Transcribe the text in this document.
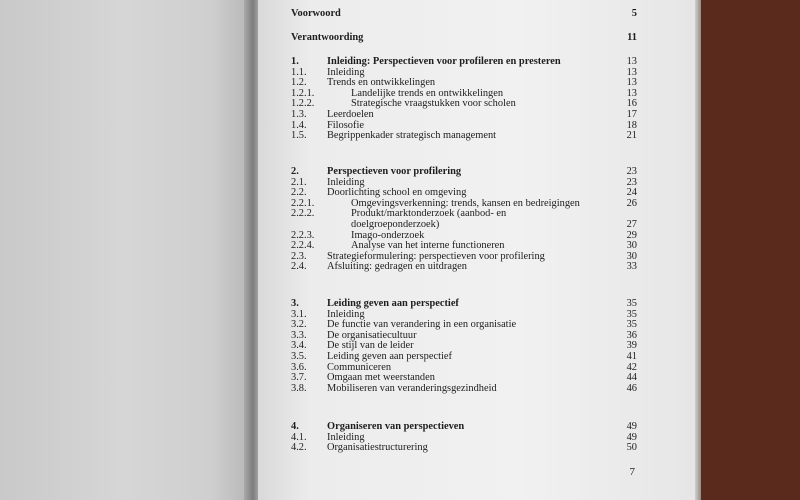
Voorwoord	5
Verantwoording	11
1.	Inleiding: Perspectieven voor profileren en presteren	13
1.1. Inleiding	13
1.2. Trends en ontwikkelingen	13
1.2.1.	Landelijke trends en ontwikkelingen	13
1.2.2.	Strategische vraagstukken voor scholen	16
1.3. Leerdoelen	17
1.4. Filosofie	18
1.5. Begrippenkader strategisch management	21
2.	Perspectieven voor profilering	23
2.1. Inleiding	23
2.2. Doorlichting school en omgeving	24
2.2.1.	Omgevingsverkenning: trends, kansen en bedreigingen	26
2.2.2.	Produkt/marktonderzoek (aanbod- en
doelgroeponderzoek)	27
2.2.3.	Imago-onderzoek	29
2.2.4.	Analyse van het interne functioneren	30
2.3. Strategieformulering: perspectieven voor profilering	30
2.4. Afsluiting: gedragen en uitdragen	33
3.	Leiding geven aan perspectief	35
3.1. Inleiding	35
3.2. De functie van verandering in een organisatie	35
3.3. De organisatiecultuur	36
3.4. De stijl van de leider	39
3.5. Leiding geven aan perspectief	41
3.6. Communiceren	42
3.7. Omgaan met weerstanden	44
3.8. Mobiliseren van veranderingsgezindheid	46
4.	Organiseren van perspectieven	49
4.1. Inleiding	49
4.2. Organisatiestructurering	50
7
